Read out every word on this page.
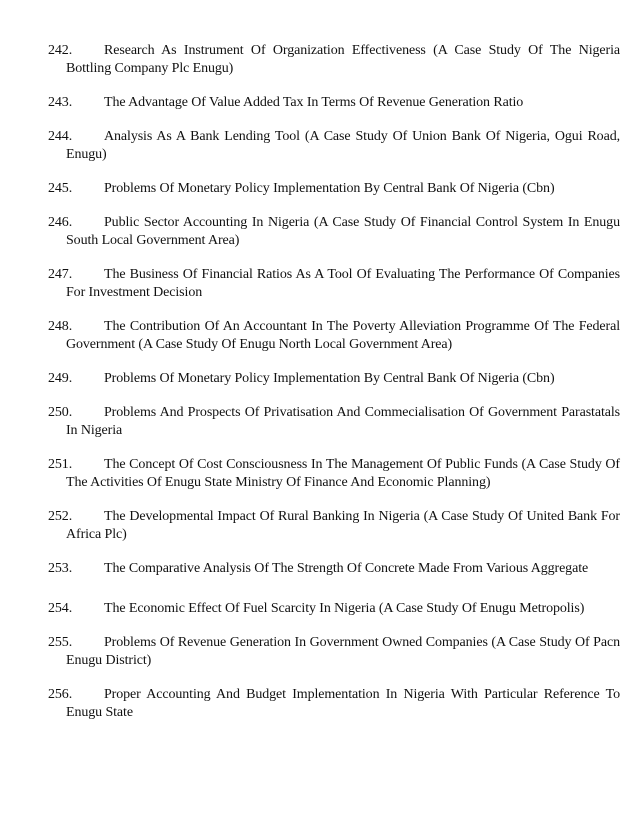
242. Research As Instrument Of Organization Effectiveness (A Case Study Of The Nigeria Bottling Company Plc Enugu)
243. The Advantage Of Value Added Tax In Terms Of Revenue Generation Ratio
244. Analysis As A Bank Lending Tool (A Case Study Of Union Bank Of Nigeria, Ogui Road, Enugu)
245. Problems Of Monetary Policy Implementation By Central Bank Of Nigeria (Cbn)
246. Public Sector Accounting In Nigeria (A Case Study Of Financial Control System In Enugu South Local Government Area)
247. The Business Of Financial Ratios As A Tool Of Evaluating The Performance Of Companies For Investment Decision
248. The Contribution Of An Accountant In The Poverty Alleviation Programme Of The Federal Government (A Case Study Of Enugu North Local Government Area)
249. Problems Of Monetary Policy Implementation By Central Bank Of Nigeria (Cbn)
250. Problems And Prospects Of Privatisation And Commecialisation Of Government Parastatals In Nigeria
251. The Concept Of Cost Consciousness In The Management Of Public Funds (A Case Study Of The Activities Of Enugu State Ministry Of Finance And Economic Planning)
252. The Developmental Impact Of Rural Banking In Nigeria (A Case Study Of United Bank For Africa Plc)
253. The Comparative Analysis Of The Strength Of Concrete Made From Various Aggregate
254. The Economic Effect Of Fuel Scarcity In Nigeria (A Case Study Of Enugu Metropolis)
255. Problems Of Revenue Generation In Government Owned Companies (A Case Study Of Pacn Enugu District)
256. Proper Accounting And Budget Implementation In Nigeria With Particular Reference To Enugu State
